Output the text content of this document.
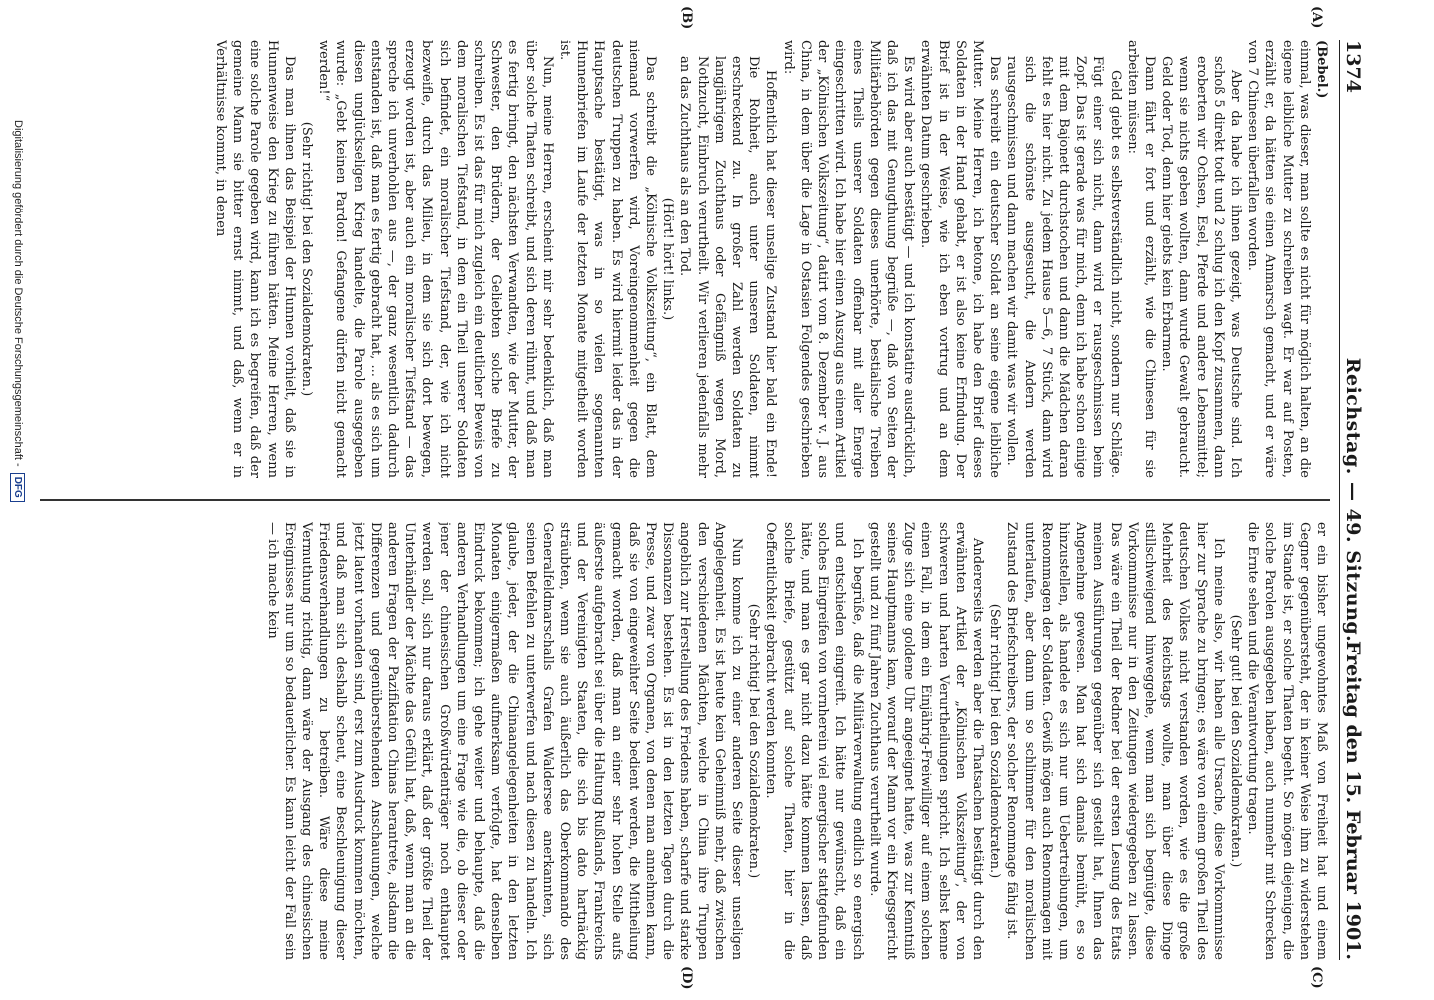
1374
Reichstag. — 49. Sitzung.
Freitag den 15. Februar 1901.
(A)
(B)
(C)
(D)

(Bebel.)

einmal, was dieser, man sollte es nicht für möglich halten, an die eigene leibliche Mutter zu schreiben wagt. Er war auf Posten, erzählt er, da hätten sie einen Anmarsch gemacht, und er wäre von 7 Chinesen überfallen worden.

Aber da habe ich ihnen gezeigt, was Deutsche sind. Ich schoß 5 direkt todt und 2 schlug ich den Kopf zusammen, dann eroberten wir Ochsen, Esel, Pferde und andere Lebensmittel; wenn sie nichts geben wollten, dann wurde Gewalt gebraucht. Geld oder Tod, denn hier giebts kein Erbarmen.

Dann fährt er fort und erzählt, wie die Chinesen für sie arbeiten müssen:

Geld giebt es selbstverständlich nicht, sondern nur Schläge. Fügt einer sich nicht, dann wird er rausgeschmissen beim Zopf. Das ist gerade was für mich, denn ich habe schon einige mit dem Bajonett durchstochen und dann die Mädchen daran fehlt es hier nicht. Zu jedem Hause 5—6, 7 Stück, dann wird sich die schönste ausgesucht, die Andern werden rausgeschmissen und dann machen wir damit was wir wollen.

Das schreibt ein deutscher Soldat an seine eigene leibliche Mutter. Meine Herren, ich betone, ich habe den Brief dieses Soldaten in der Hand gehabt, er ist also keine Erfindung. Der Brief ist in der Weise, wie ich eben vortrug und an dem erwähnten Datum geschrieben.

Es wird aber auch bestätigt — und ich konstatire ausdrücklich, daß ich das mit Genugthuung begrüße —, daß von Seiten der Militärbehörden gegen dieses unerhörte, bestialische Treiben eines Theils unserer Soldaten offenbar mit aller Energie eingeschritten wird. Ich habe hier einen Auszug aus einem Artikel der „Kölnischen Volkszeitung“, datirt vom 8. Dezember v. J. aus China, in dem über die Lage in Ostasien Folgendes geschrieben wird:

Hoffentlich hat dieser unselige Zustand hier bald ein Ende! Die Rohheit, auch unter unseren Soldaten, nimmt erschreckend zu. In großer Zahl werden Soldaten zu langjährigem Zuchthaus oder Gefängniß wegen Mord, Nothzucht, Einbruch verurtheilt. Wir verlieren jedenfalls mehr an das Zuchthaus als an den Tod.

(Hört! hört! links.)

Das schreibt die „Kölnische Volkszeitung“, ein Blatt, dem niemand vorwerfen wird, Voreingenommenheit gegen die deutschen Truppen zu haben. Es wird hiermit leider das in der Hauptsache bestätigt, was in so vielen sogenannten Hunnenbriefen im Laufe der letzten Monate mitgetheilt worden ist.

Nun, meine Herren, erscheint mir sehr bedenklich, daß man über solche Thaten schreibt, und sich deren rühmt, und daß man es fertig bringt, den nächsten Verwandten, wie der Mutter, der Schwester, den Brüdern, der Geliebten solche Briefe zu schreiben. Es ist das für mich zugleich ein deutlicher Beweis von dem moralischen Tiefstand, in dem ein Theil unserer Soldaten sich befindet, ein moralischer Tiefstand, der, wie ich nicht bezweifle, durch das Milieu, in dem sie sich dort bewegen, erzeugt worden ist, aber auch ein moralischer Tiefstand — das spreche ich unverhohlen aus —, der ganz wesentlich dadurch entstanden ist, daß man es fertig gebracht hat, ... als es sich um diesen unglückseligen Krieg handelte, die Parole ausgegeben wurde: „Gebt keinen Pardon! Gefangene dürfen nicht gemacht werden!“

(Sehr richtig! bei den Sozialdemokraten.)

Das man ihnen das Beispiel der Hunnen vorhielt, daß sie in Hunnenweise den Krieg zu führen hätten. Meine Herren, wenn eine solche Parole gegeben wird, kann ich es begreifen, daß der gemeine Mann sie bitter ernst nimmt, und daß, wenn er in Verhältnisse kommt, in denen

er ein bisher ungewohntes Maß von Freiheit hat und einem Gegner gegenübersteht, der in keiner Weise ihm zu widerstehen im Stande ist, er solche Thaten begeht. So mögen diejenigen, die solche Parolen ausgegeben haben, auch nunmehr mit Schrecken die Ernte sehen und die Verantwortung tragen.

(Sehr gut! bei den Sozialdemokraten.)

Ich meine also, wir haben alle Ursache, diese Vorkommnisse hier zur Sprache zu bringen; es wäre von einem großen Theil des deutschen Volkes nicht verstanden worden, wie es die große Mehrheit des Reichstags wollte, man über diese Dinge stillschweigend hinweggehe, wenn man sich begnügte, diese Vorkommnisse nur in den Zeitungen wiedergegeben zu lassen. Das wäre ein Theil der Redner bei der ersten Lesung des Etats meinen Ausführungen gegenüber sich gestellt hat, Ihnen das Angenehme gewesen. Man hat sich damals bemüht, es so hinzustellen, als handele es sich nur um Uebertreibungen, um Renommagen der Soldaten. Gewiß mögen auch Renommagen mit unterlaufen, aber dann um so schlimmer für den moralischen Zustand des Briefschreibers, der solcher Renommage fähig ist.

(Sehr richtig! bei den Sozialdemokraten.)

Andererseits werden aber die Thatsachen bestätigt durch den erwähnten Artikel der „Kölnischen Volkszeitung“, der von schweren und harten Verurtheilungen spricht. Ich selbst kenne einen Fall, in dem ein Einjährig-Freiwilliger auf einem solchen Zuge sich eine goldene Uhr angeeignet hatte, was zur Kenntniß seines Hauptmanns kam, worauf der Mann vor ein Kriegsgericht gestellt und zu fünf Jahren Zuchthaus verurtheilt wurde.

Ich begrüße, daß die Militärverwaltung endlich so energisch und entschieden eingreift. Ich hätte nur gewünscht, daß ein solches Eingreifen von vornherein viel energischer stattgefunden hätte, und man es gar nicht dazu hätte kommen lassen, daß solche Briefe, gestützt auf solche Thaten, hier in die Oeffentlichkeit gebracht werden konnten.

(Sehr richtig! bei den Sozialdemokraten.)

Nun komme ich zu einer anderen Seite dieser unseligen Angelegenheit. Es ist heute kein Geheimniß mehr, daß zwischen den verschiedenen Mächten, welche in China ihre Truppen angeblich zur Herstellung des Friedens haben, scharfe und starke Dissonanzen bestehen. Es ist in den letzten Tagen durch die Presse, und zwar von Organen, von denen man annehmen kann, daß sie von eingeweihter Seite bedient werden, die Mittheilung gemacht worden, daß man an einer sehr hohen Stelle aufs äußerste aufgebracht sei über die Haltung Rußlands, Frankreichs und der Vereinigten Staaten, die sich bis dato hartnäckig sträubten, wenn sie auch äußerlich das Oberkommando des Generalfeldmarschalls Grafen Waldersee anerkannten, sich seinen Befehlen zu unterwerfen und nach diesen zu handeln. Ich glaube, jeder, der die Chinaangelegenheiten in den letzten Monaten einigermaßen aufmerksam verfolgte, hat denselben Eindruck bekommen; ich gehe weiter und behaupte, daß die anderen Verhandlungen um eine Frage wie die, ob dieser oder jener der chinesischen Großwürdenträger noch enthauptet werden soll, sich nur daraus erklärt, daß der größte Theil der Unterhändler der Mächte das Gefühl hat, daß, wenn man an die anderen Fragen der Pazifikation Chinas herantrete, alsdann die Differenzen und gegenüberstehenden Anschauungen, welche jetzt latent vorhanden sind, erst zum Ausdruck kommen möchten, und daß man sich deshalb scheut, eine Beschleunigung dieser Friedensverhandlungen zu betreiben. Wäre diese meine Vermuthung richtig, dann wäre der Ausgang des chinesischen Ereignisses nur um so bedauerlicher. Es kann leicht der Fall sein — ich mache kein

Digitalisierung gefördert durch die Deutsche Forschungsgemeinschaft -
DFG
